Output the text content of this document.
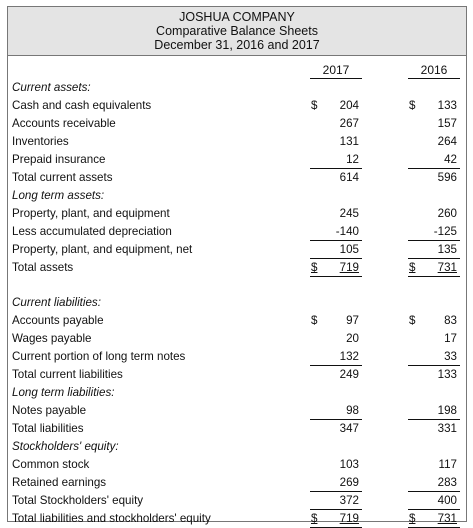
JOSHUA COMPANY
Comparative Balance Sheets
December 31, 2016 and 2017
2017	2016
Current assets:
Cash and cash equivalents	$ 204	$ 133
Accounts receivable	267	157
Inventories	131	264
Prepaid insurance	12	42
Total current assets	614	596
Long term assets:
Property, plant, and equipment	245	260
Less accumulated depreciation	-140	-125
Property, plant, and equipment, net	105	135
Total assets	$ 719	$ 731
Current liabilities:
Accounts payable	$ 97	$ 83
Wages payable	20	17
Current portion of long term notes	132	33
Total current liabilities	249	133
Long term liabilities:
Notes payable	98	198
Total liabilities	347	331
Stockholders' equity:
Common stock	103	117
Retained earnings	269	283
Total Stockholders' equity	372	400
Total liabilities and stockholders' equity	$ 719	$ 731
